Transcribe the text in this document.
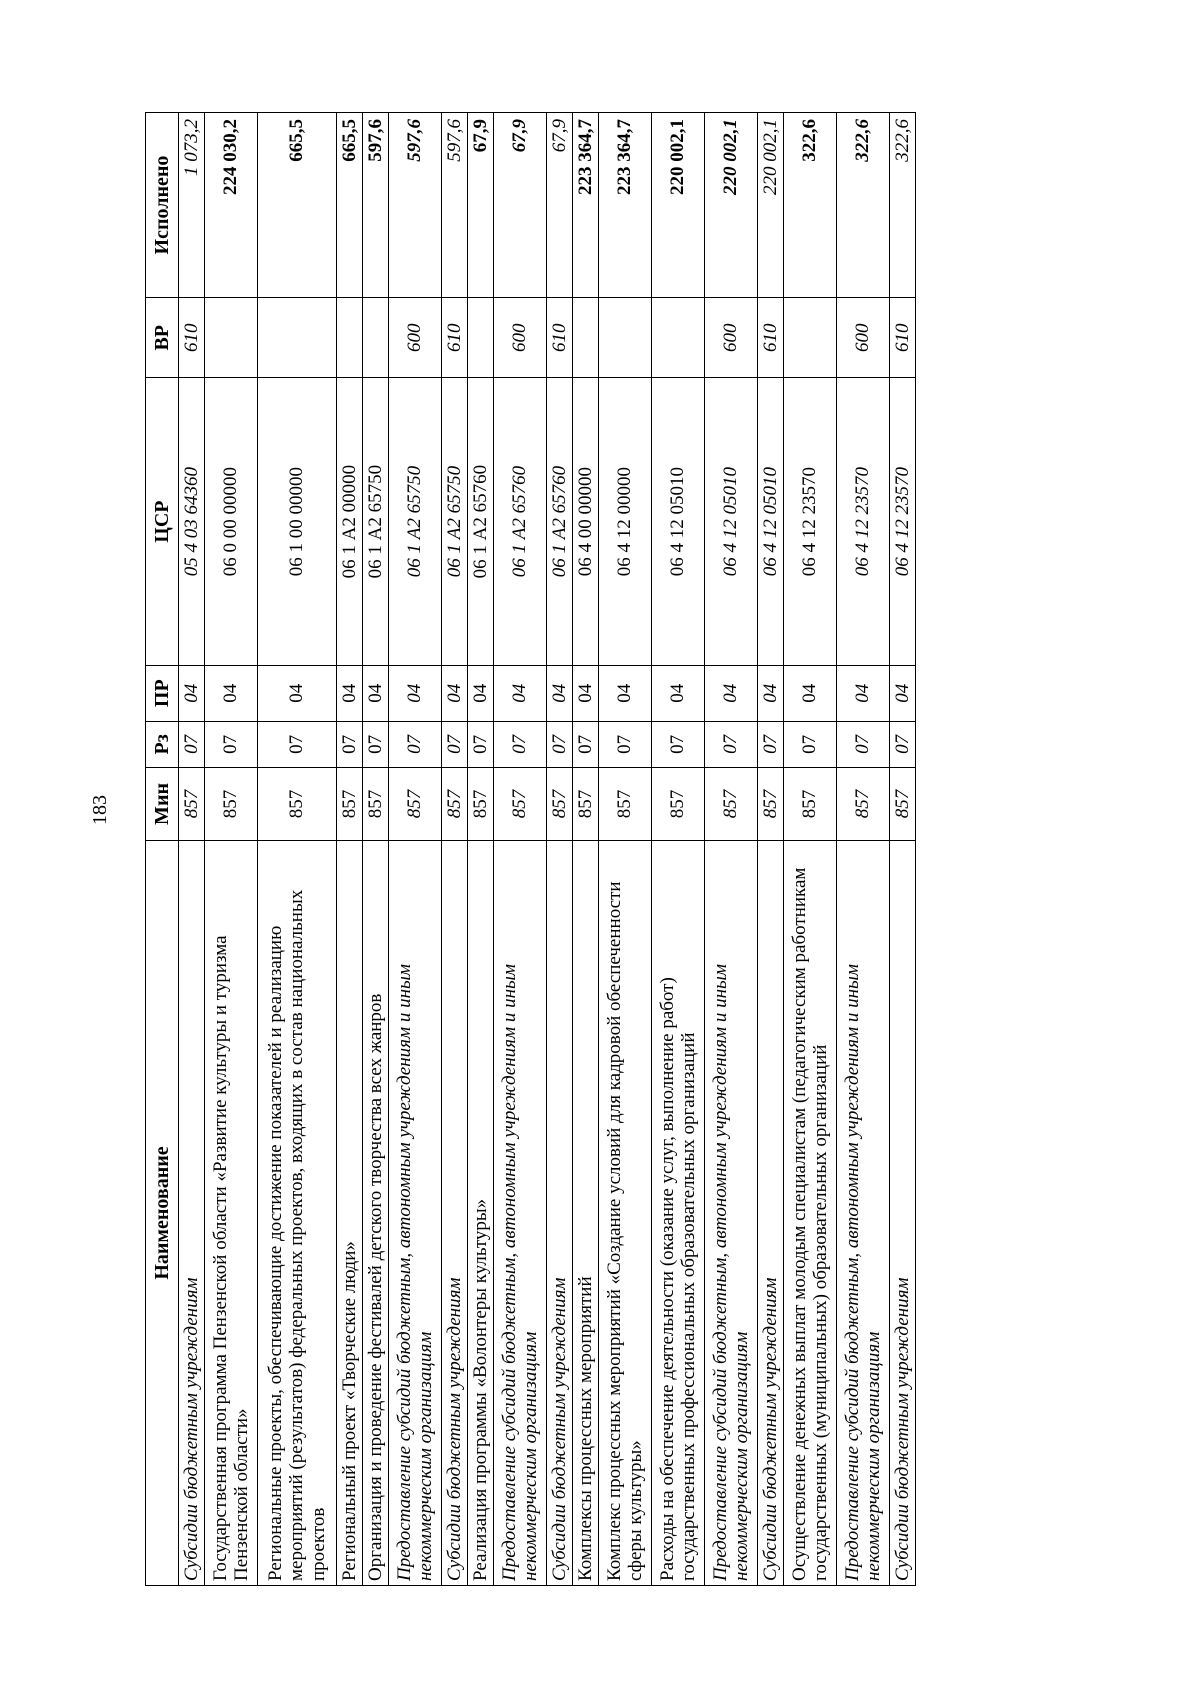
183
Наименование	Мин	Рз	ПР	ЦСР	ВР	Исполнено
Субсидии бюджетным учреждениям	857	07	04	05 4 03 64360	610	1 073,2
Государственная программа Пензенской области «Развитие культуры и туризма Пензенской области»	857	07	04	06 0 00 00000		224 030,2
Региональные проекты, обеспечивающие достижение показателей и реализацию мероприятий (результатов) федеральных проектов, входящих в состав национальных проектов	857	07	04	06 1 00 00000		665,5
Региональный проект «Творческие люди»	857	07	04	06 1 А2 00000		665,5
Организация и проведение фестивалей детского творчества всех жанров	857	07	04	06 1 А2 65750		597,6
Предоставление субсидий бюджетным, автономным учреждениям и иным некоммерческим организациям	857	07	04	06 1 А2 65750	600	597,6
Субсидии бюджетным учреждениям	857	07	04	06 1 А2 65750	610	597,6
Реализация программы «Волонтеры культуры»	857	07	04	06 1 А2 65760		67,9
Предоставление субсидий бюджетным, автономным учреждениям и иным некоммерческим организациям	857	07	04	06 1 А2 65760	600	67,9
Субсидии бюджетным учреждениям	857	07	04	06 1 А2 65760	610	67,9
Комплексы процессных мероприятий	857	07	04	06 4 00 00000		223 364,7
Комплекс процессных мероприятий «Создание условий для кадровой обеспеченности сферы культуры»	857	07	04	06 4 12 00000		223 364,7
Расходы на обеспечение деятельности (оказание услуг, выполнение работ) государственных профессиональных образовательных организаций	857	07	04	06 4 12 05010		220 002,1
Предоставление субсидий бюджетным, автономным учреждениям и иным некоммерческим организациям	857	07	04	06 4 12 05010	600	220 002,1
Субсидии бюджетным учреждениям	857	07	04	06 4 12 05010	610	220 002,1
Осуществление денежных выплат молодым специалистам (педагогическим работникам государственных (муниципальных) образовательных организаций	857	07	04	06 4 12 23570		322,6
Предоставление субсидий бюджетным, автономным учреждениям и иным некоммерческим организациям	857	07	04	06 4 12 23570	600	322,6
Субсидии бюджетным учреждениям	857	07	04	06 4 12 23570	610	322,6
